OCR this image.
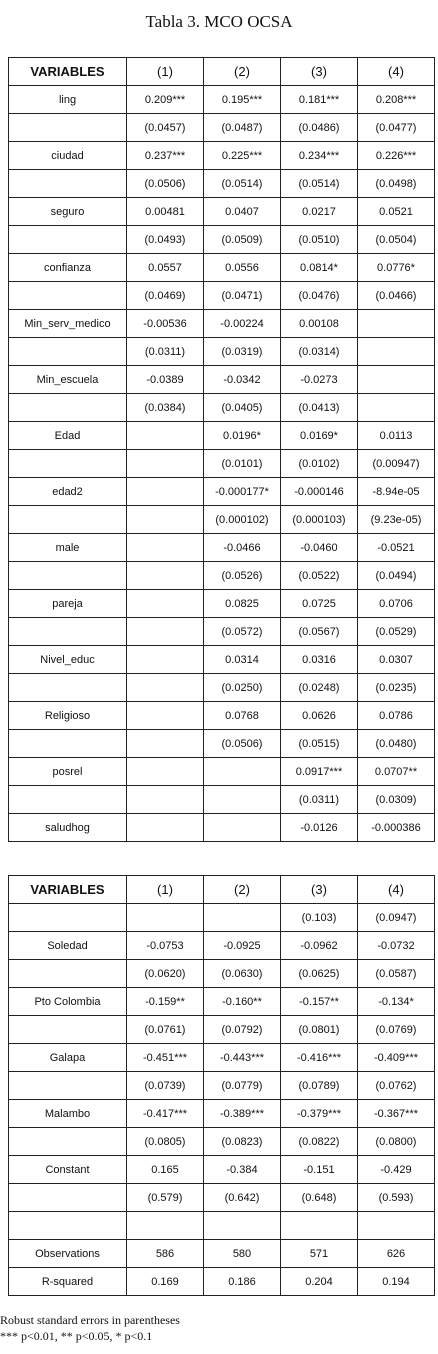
Tabla 3. MCO OCSA
VARIABLES	(1)	(2)	(3)	(4)
ling	0.209***	0.195***	0.181***	0.208***
	(0.0457)	(0.0487)	(0.0486)	(0.0477)
ciudad	0.237***	0.225***	0.234***	0.226***
	(0.0506)	(0.0514)	(0.0514)	(0.0498)
seguro	0.00481	0.0407	0.0217	0.0521
	(0.0493)	(0.0509)	(0.0510)	(0.0504)
confianza	0.0557	0.0556	0.0814*	0.0776*
	(0.0469)	(0.0471)	(0.0476)	(0.0466)
Min_serv_medico	-0.00536	-0.00224	0.00108	
	(0.0311)	(0.0319)	(0.0314)	
Min_escuela	-0.0389	-0.0342	-0.0273	
	(0.0384)	(0.0405)	(0.0413)	
Edad		0.0196*	0.0169*	0.0113
		(0.0101)	(0.0102)	(0.00947)
edad2		-0.000177*	-0.000146	-8.94e-05
		(0.000102)	(0.000103)	(9.23e-05)
male		-0.0466	-0.0460	-0.0521
		(0.0526)	(0.0522)	(0.0494)
pareja		0.0825	0.0725	0.0706
		(0.0572)	(0.0567)	(0.0529)
Nivel_educ		0.0314	0.0316	0.0307
		(0.0250)	(0.0248)	(0.0235)
Religioso		0.0768	0.0626	0.0786
		(0.0506)	(0.0515)	(0.0480)
posrel			0.0917***	0.0707**
			(0.0311)	(0.0309)
saludhog			-0.0126	-0.000386
VARIABLES	(1)	(2)	(3)	(4)
			(0.103)	(0.0947)
Soledad	-0.0753	-0.0925	-0.0962	-0.0732
	(0.0620)	(0.0630)	(0.0625)	(0.0587)
Pto Colombia	-0.159**	-0.160**	-0.157**	-0.134*
	(0.0761)	(0.0792)	(0.0801)	(0.0769)
Galapa	-0.451***	-0.443***	-0.416***	-0.409***
	(0.0739)	(0.0779)	(0.0789)	(0.0762)
Malambo	-0.417***	-0.389***	-0.379***	-0.367***
	(0.0805)	(0.0823)	(0.0822)	(0.0800)
Constant	0.165	-0.384	-0.151	-0.429
	(0.579)	(0.642)	(0.648)	(0.593)

Observations	586	580	571	626
R-squared	0.169	0.186	0.204	0.194
Robust standard errors in parentheses
*** p<0.01, ** p<0.05, * p<0.1
